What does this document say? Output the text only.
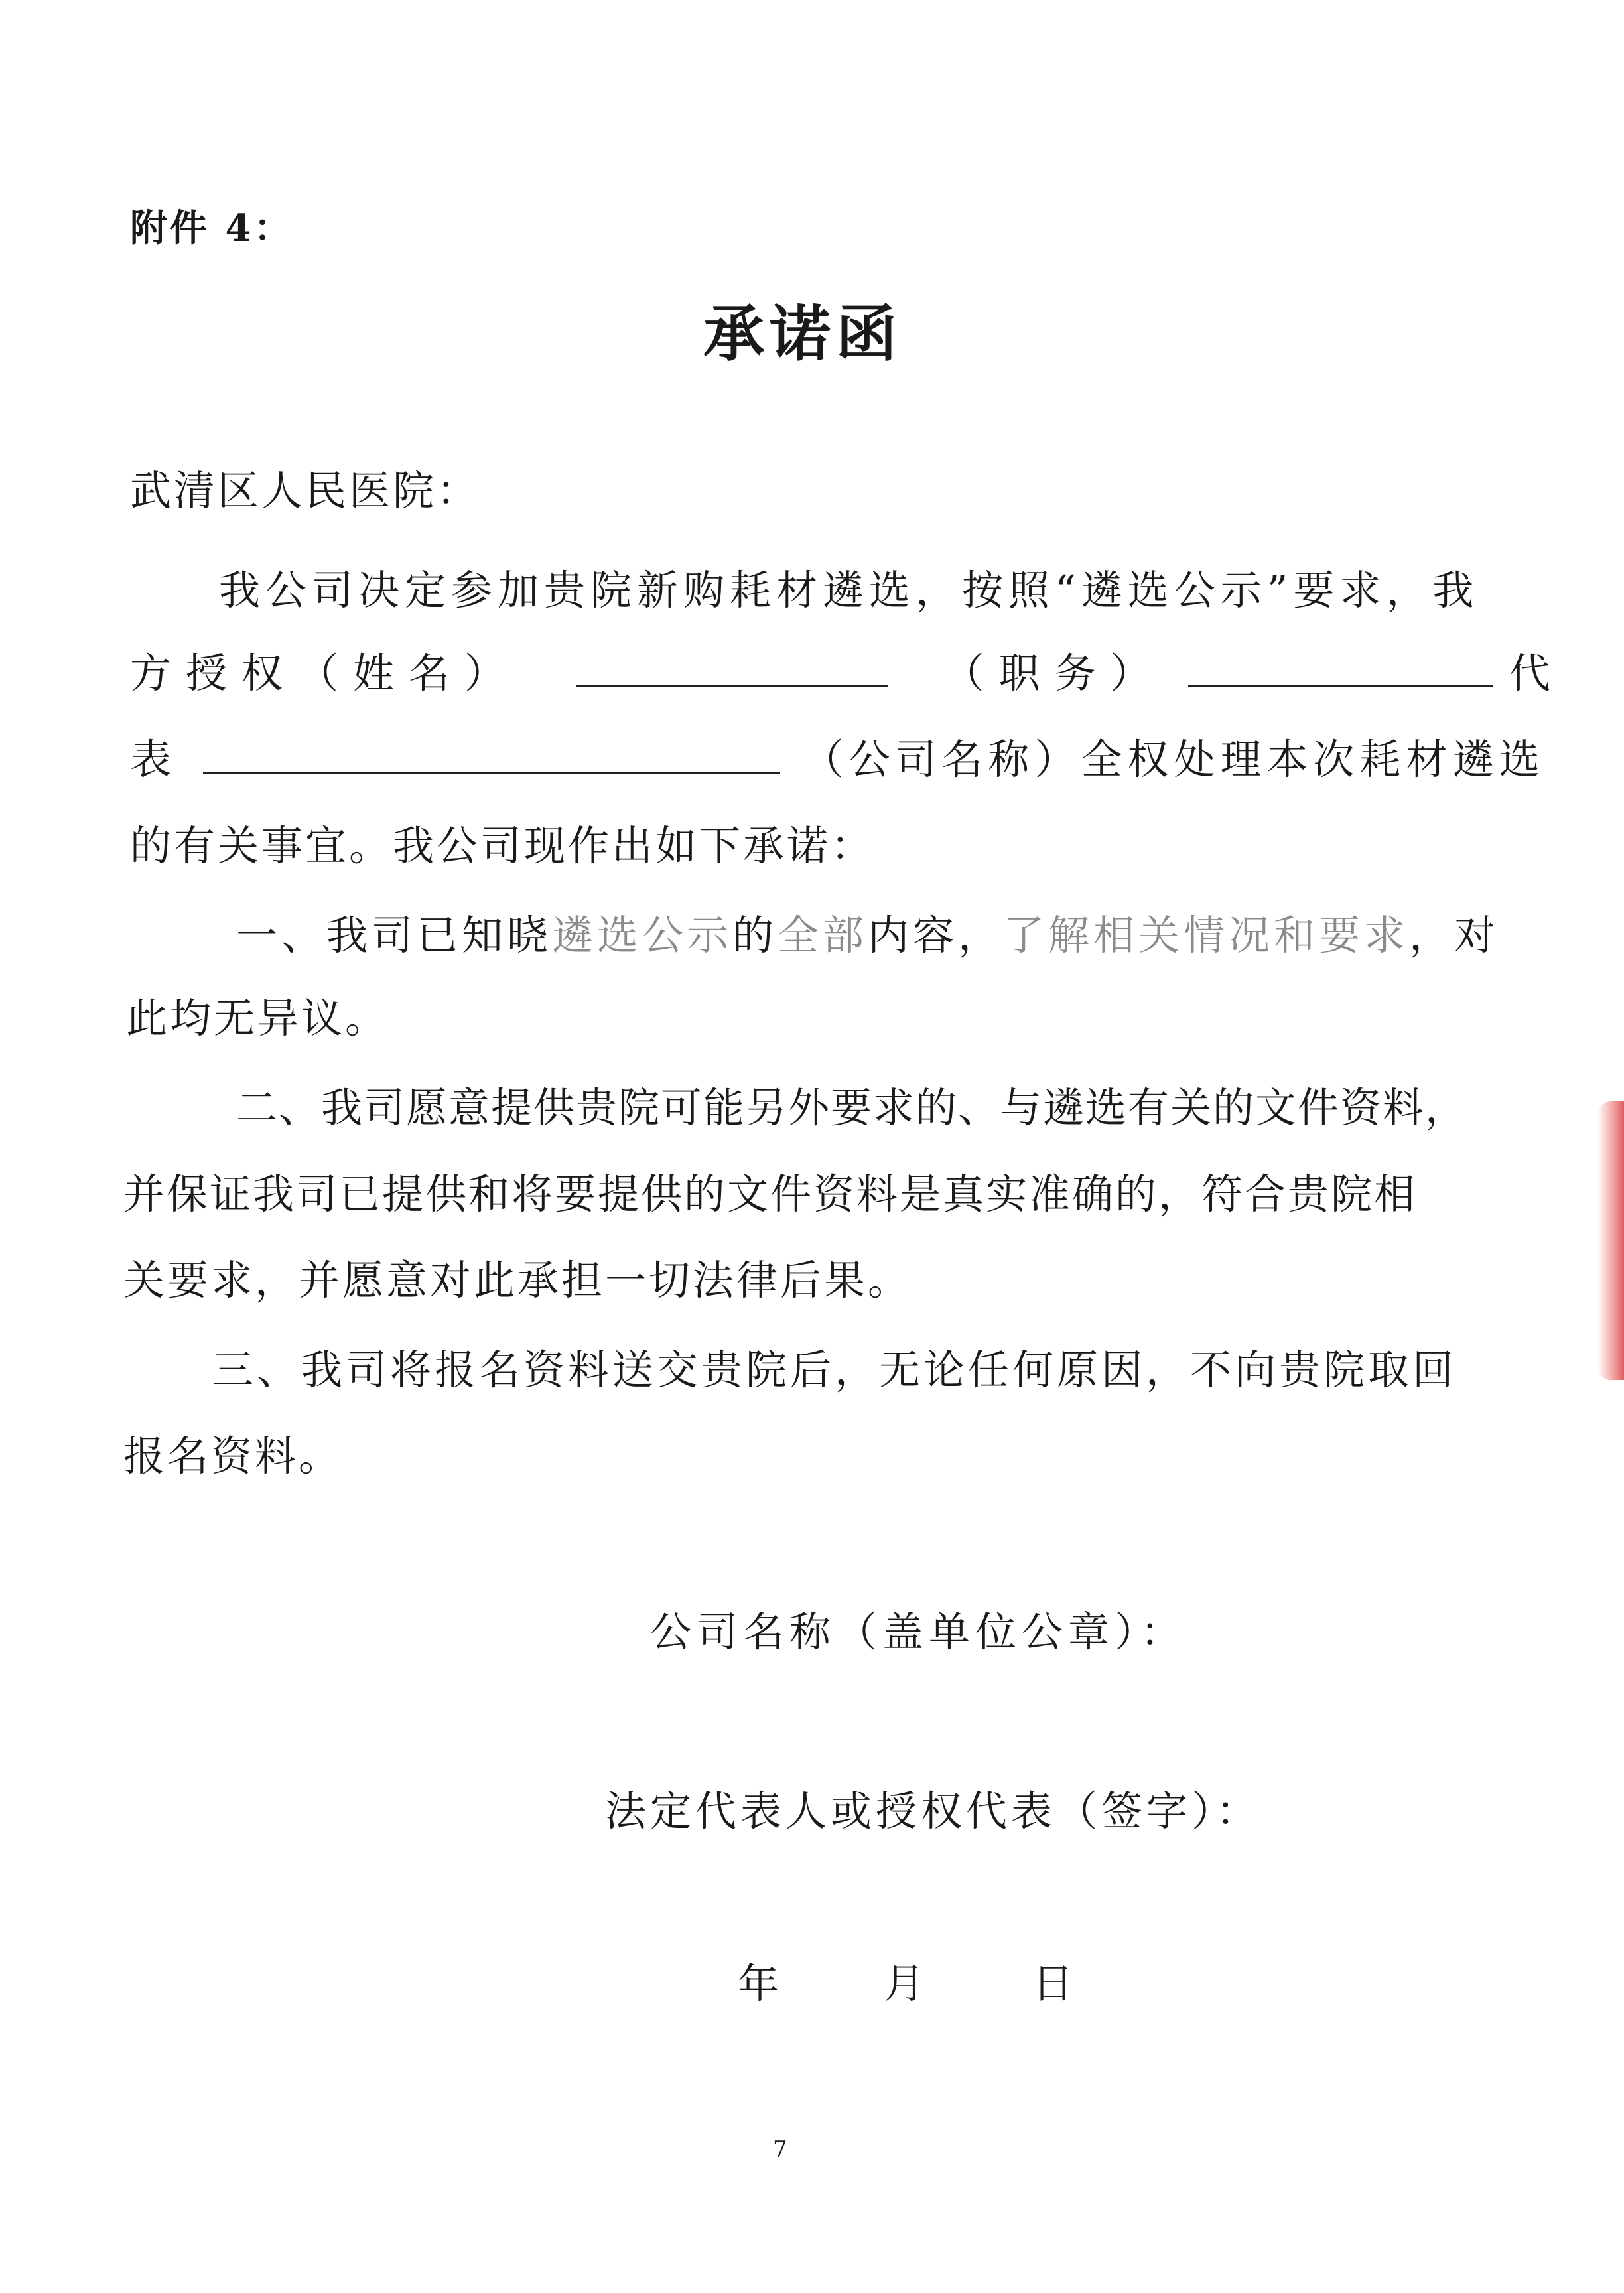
附件 4：
承诺函
武清区人民医院：
我公司决定参加贵院新购耗材遴选，按照“遴选公示”要求，我
方授权（姓名）	（职务）	代
表	（公司名称）全权处理本次耗材遴选
的有关事宜。我公司现作出如下承诺：
一、我司已知晓遴选公示的全部内容，了解相关情况和要求，对
此均无异议。
二、我司愿意提供贵院可能另外要求的、与遴选有关的文件资料，
并保证我司已提供和将要提供的文件资料是真实准确的，符合贵院相
关要求，并愿意对此承担一切法律后果。
三、我司将报名资料送交贵院后，无论任何原因，不向贵院取回
报名资料。
公司名称（盖单位公章）：
法定代表人或授权代表（签字）：
年 月	日
7
